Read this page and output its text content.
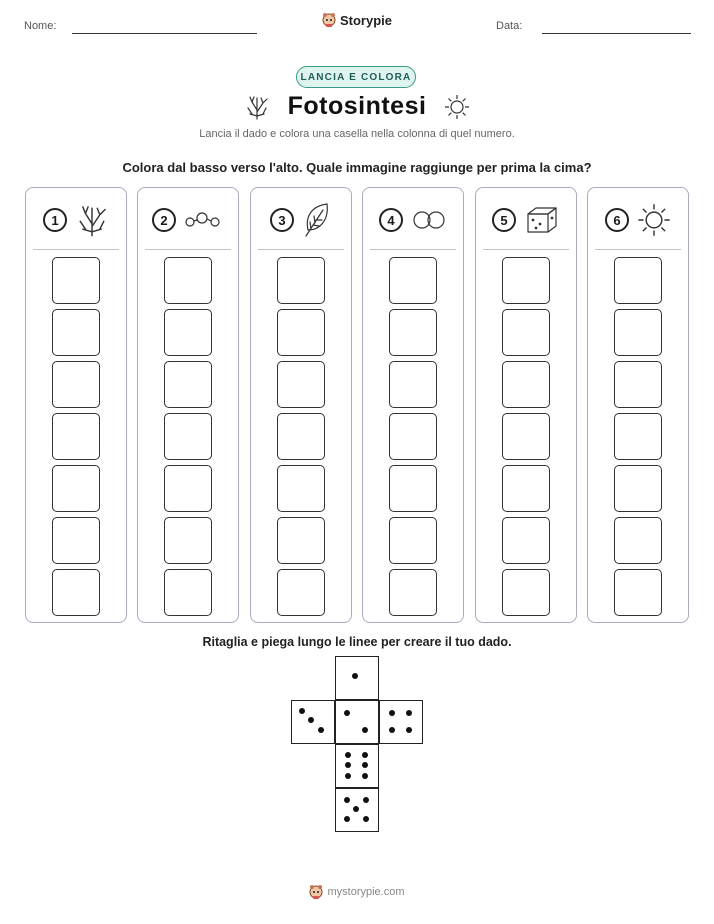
Nome:	Storypie	Data:
LANCIA E COLORA
Fotosintesi
Lancia il dado e colora una casella nella colonna di quel numero.
Colora dal basso verso l'alto. Quale immagine raggiunge per prima la cima?
1	2	3	4	5	6
Ritaglia e piega lungo le linee per creare il tuo dado.
mystorypie.com
